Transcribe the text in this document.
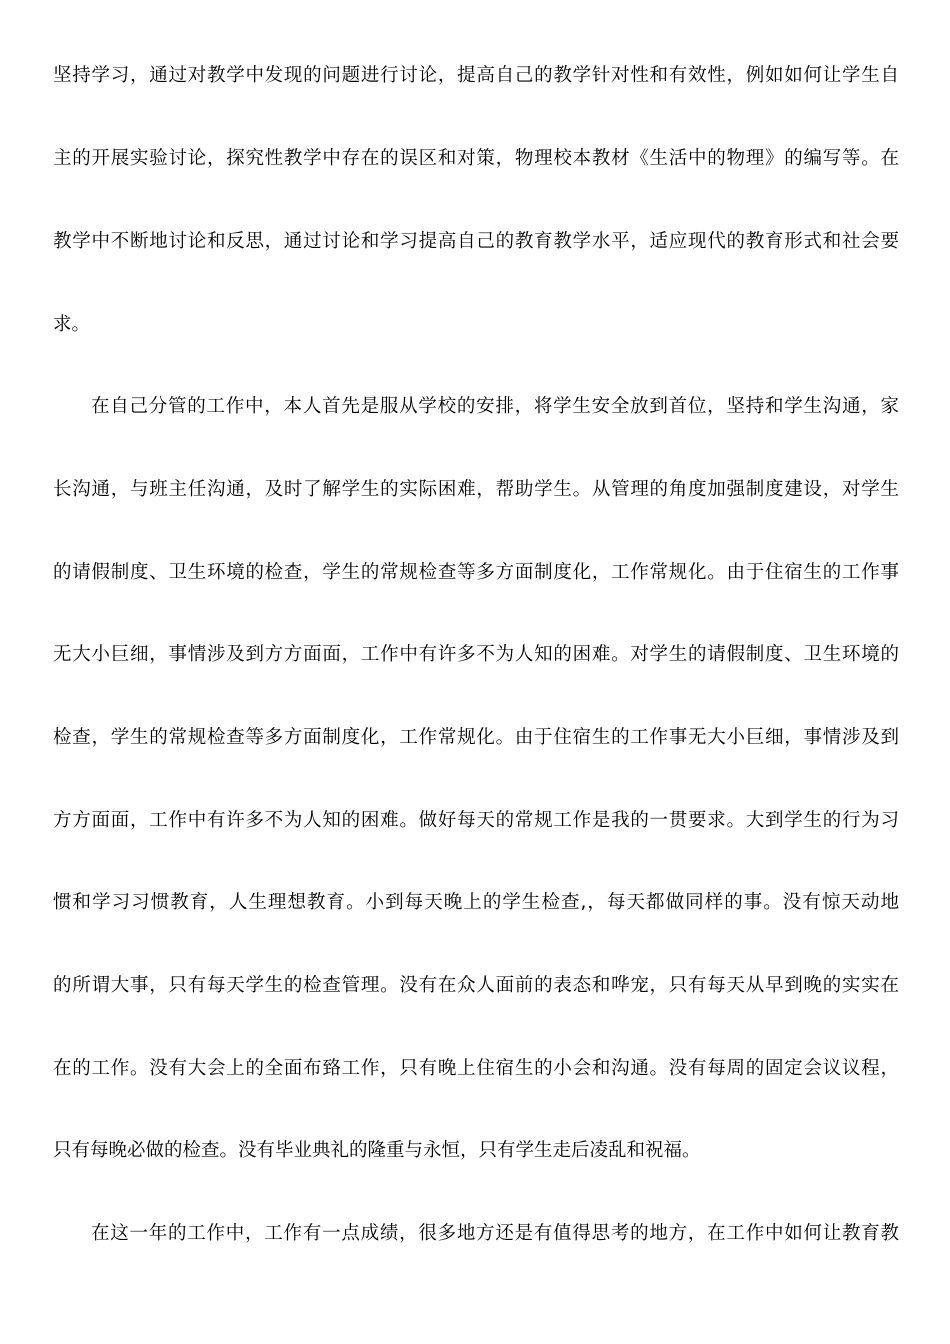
坚持学习，通过对教学中发现的问题进行讨论，提高自己的教学针对性和有效性，例如如何让学生自
主的开展实验讨论，探究性教学中存在的误区和对策，物理校本教材《生活中的物理》的编写等。在
教学中不断地讨论和反思，通过讨论和学习提高自己的教育教学水平，适应现代的教育形式和社会要
求。
在自己分管的工作中，本人首先是服从学校的安排，将学生安全放到首位，坚持和学生沟通，家
长沟通，与班主任沟通，及时了解学生的实际困难，帮助学生。从管理的角度加强制度建设，对学生
的请假制度、卫生环境的检查，学生的常规检查等多方面制度化，工作常规化。由于住宿生的工作事
无大小巨细，事情涉及到方方面面，工作中有许多不为人知的困难。对学生的请假制度、卫生环境的
检查，学生的常规检查等多方面制度化，工作常规化。由于住宿生的工作事无大小巨细，事情涉及到
方方面面，工作中有许多不为人知的困难。做好每天的常规工作是我的一贯要求。大到学生的行为习
惯和学习习惯教育，人生理想教育。小到每天晚上的学生检查,，每天都做同样的事。没有惊天动地
的所谓大事，只有每天学生的检查管理。没有在众人面前的表态和哗宠，只有每天从早到晚的实实在
在的工作。没有大会上的全面布臵工作，只有晚上住宿生的小会和沟通。没有每周的固定会议议程，
只有每晚必做的检查。没有毕业典礼的隆重与永恒，只有学生走后凌乱和祝福。
在这一年的工作中，工作有一点成绩，很多地方还是有值得思考的地方，在工作中如何让教育教
